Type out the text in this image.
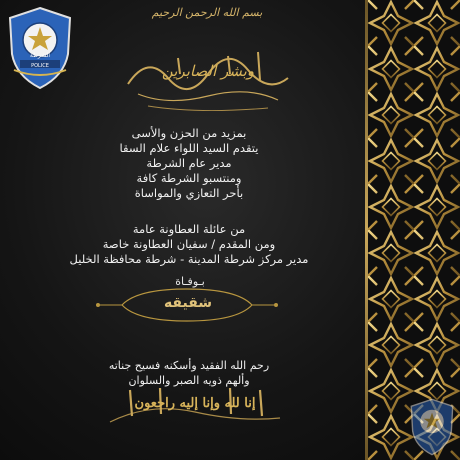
الشرطة
POLICE
بسم الله الرحمن الرحيم
وبشر الصابرين
بمزيد من الحزن والأسى
يتقدم السيد اللواء علام السقا
مدير عام الشرطة
ومنتسبو الشرطة كافة
بأحر التعازي والمواساة
من عائلة العطاونة عامة
ومن المقدم / سفيان العطاونة خاصة
مدير مركز شرطة المدينة - شرطة محافظة الخليل
بـوفـاة
شقيقه
رحم الله الفقيد وأسكنه فسيح جناته
وألهم ذويه الصبر والسلوان
إنا لله وإنا إليه راجعون
